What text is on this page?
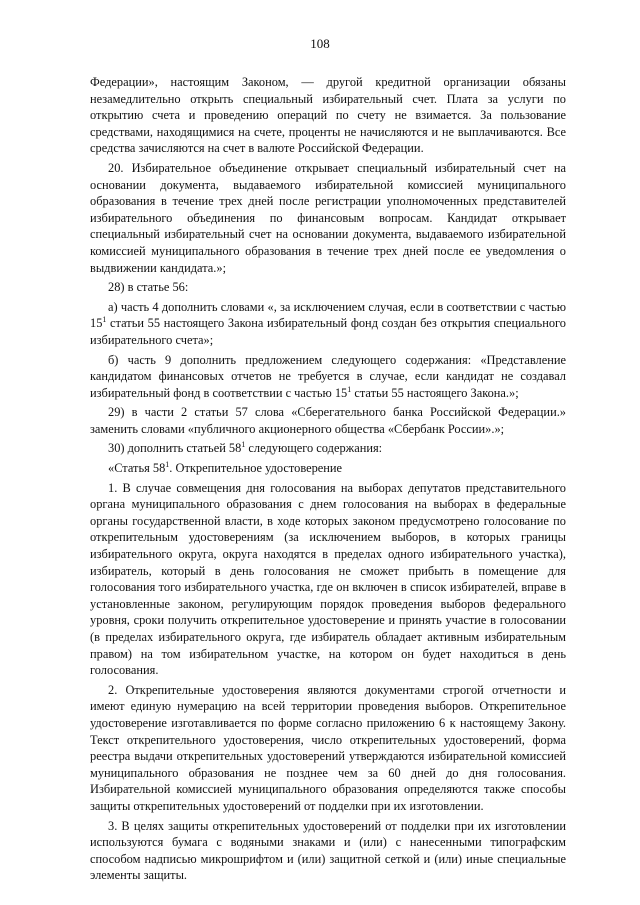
108

Федерации», настоящим Законом, — другой кредитной организации обязаны незамедлительно открыть специальный избирательный счет. Плата за услуги по открытию счета и проведению операций по счету не взимается. За пользование средствами, находящимися на счете, проценты не начисляются и не выплачиваются. Все средства зачисляются на счет в валюте Российской Федерации.

20. Избирательное объединение открывает специальный избирательный счет на основании документа, выдаваемого избирательной комиссией муниципального образования в течение трех дней после регистрации уполномоченных представителей избирательного объединения по финансовым вопросам. Кандидат открывает специальный избирательный счет на основании документа, выдаваемого избирательной комиссией муниципального образования в течение трех дней после ее уведомления о выдвижении кандидата.»;

28) в статье 56:

а) часть 4 дополнить словами «, за исключением случая, если в соответствии с частью $15^1$ статьи 55 настоящего Закона избирательный фонд создан без открытия специального избирательного счета»;

б) часть 9 дополнить предложением следующего содержания: «Представление кандидатом финансовых отчетов не требуется в случае, если кандидат не создавал избирательный фонд в соответствии с частью $15^1$ статьи 55 настоящего Закона.»;

29) в части 2 статьи 57 слова «Сберегательного банка Российской Федерации.» заменить словами «публичного акционерного общества «Сбербанк России».»;

30) дополнить статьей $58^1$ следующего содержания:

«Статья $58^1$. Открепительное удостоверение

1. В случае совмещения дня голосования на выборах депутатов представительного органа муниципального образования с днем голосования на выборах в федеральные органы государственной власти, в ходе которых законом предусмотрено голосование по открепительным удостоверениям (за исключением выборов, в которых границы избирательного округа, округа находятся в пределах одного избирательного участка), избиратель, который в день голосования не сможет прибыть в помещение для голосования того избирательного участка, где он включен в список избирателей, вправе в установленные законом, регулирующим порядок проведения выборов федерального уровня, сроки получить открепительное удостоверение и принять участие в голосовании (в пределах избирательного округа, где избиратель обладает активным избирательным правом) на том избирательном участке, на котором он будет находиться в день голосования.

2. Открепительные удостоверения являются документами строгой отчетности и имеют единую нумерацию на всей территории проведения выборов. Открепительное удостоверение изготавливается по форме согласно приложению 6 к настоящему Закону. Текст открепительного удостоверения, число открепительных удостоверений, форма реестра выдачи открепительных удостоверений утверждаются избирательной комиссией муниципального образования не позднее чем за 60 дней до дня голосования. Избирательной комиссией муниципального образования определяются также способы защиты открепительных удостоверений от подделки при их изготовлении.

3. В целях защиты открепительных удостоверений от подделки при их изготовлении используются бумага с водяными знаками и (или) с нанесенными типографским способом надписью микрошрифтом и (или) защитной сеткой и (или) иные специальные элементы защиты.
